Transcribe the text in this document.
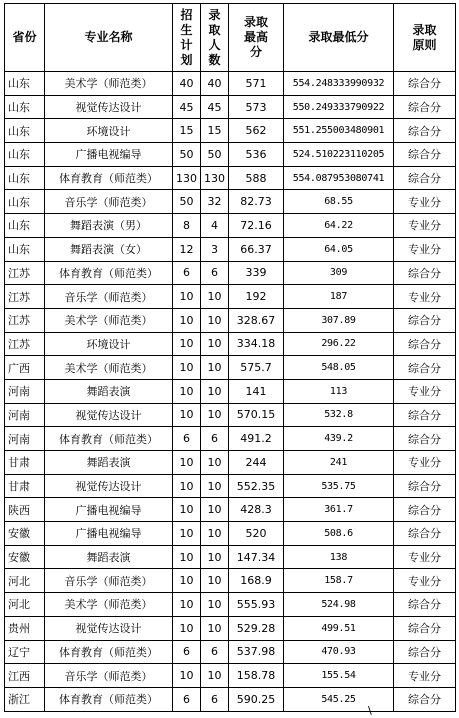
省份	专业名称	招生计划	录取人数	录取最高分	录取最低分	录取原则
山东	美术学（师范类）	40	40	571	554.248333990932	综合分
山东	视觉传达设计	45	45	573	550.249333790922	综合分
山东	环境设计	15	15	562	551.255003480901	综合分
山东	广播电视编导	50	50	536	524.510223110205	综合分
山东	体育教育（师范类）	130	130	588	554.087953080741	综合分
山东	音乐学（师范类）	50	32	82.73	68.55	专业分
山东	舞蹈表演（男）	8	4	72.16	64.22	专业分
山东	舞蹈表演（女）	12	3	66.37	64.05	专业分
江苏	体育教育（师范类）	6	6	339	309	综合分
江苏	音乐学（师范类）	10	10	192	187	专业分
江苏	美术学（师范类）	10	10	328.67	307.89	综合分
江苏	环境设计	10	10	334.18	296.22	综合分
广西	美术学（师范类）	10	10	575.7	548.05	综合分
河南	舞蹈表演	10	10	141	113	专业分
河南	视觉传达设计	10	10	570.15	532.8	综合分
河南	体育教育（师范类）	6	6	491.2	439.2	综合分
甘肃	舞蹈表演	10	10	244	241	专业分
甘肃	视觉传达设计	10	10	552.35	535.75	综合分
陕西	广播电视编导	10	10	428.3	361.7	综合分
安徽	广播电视编导	10	10	520	508.6	综合分
安徽	舞蹈表演	10	10	147.34	138	专业分
河北	音乐学（师范类）	10	10	168.9	158.7	专业分
河北	美术学（师范类）	10	10	555.93	524.98	综合分
贵州	视觉传达设计	10	10	529.28	499.51	综合分
辽宁	体育教育（师范类）	6	6	537.98	470.93	综合分
江西	音乐学（师范类）	10	10	158.78	155.54	专业分
浙江	体育教育（师范类）	6	6	590.25	545.25	综合分
\
